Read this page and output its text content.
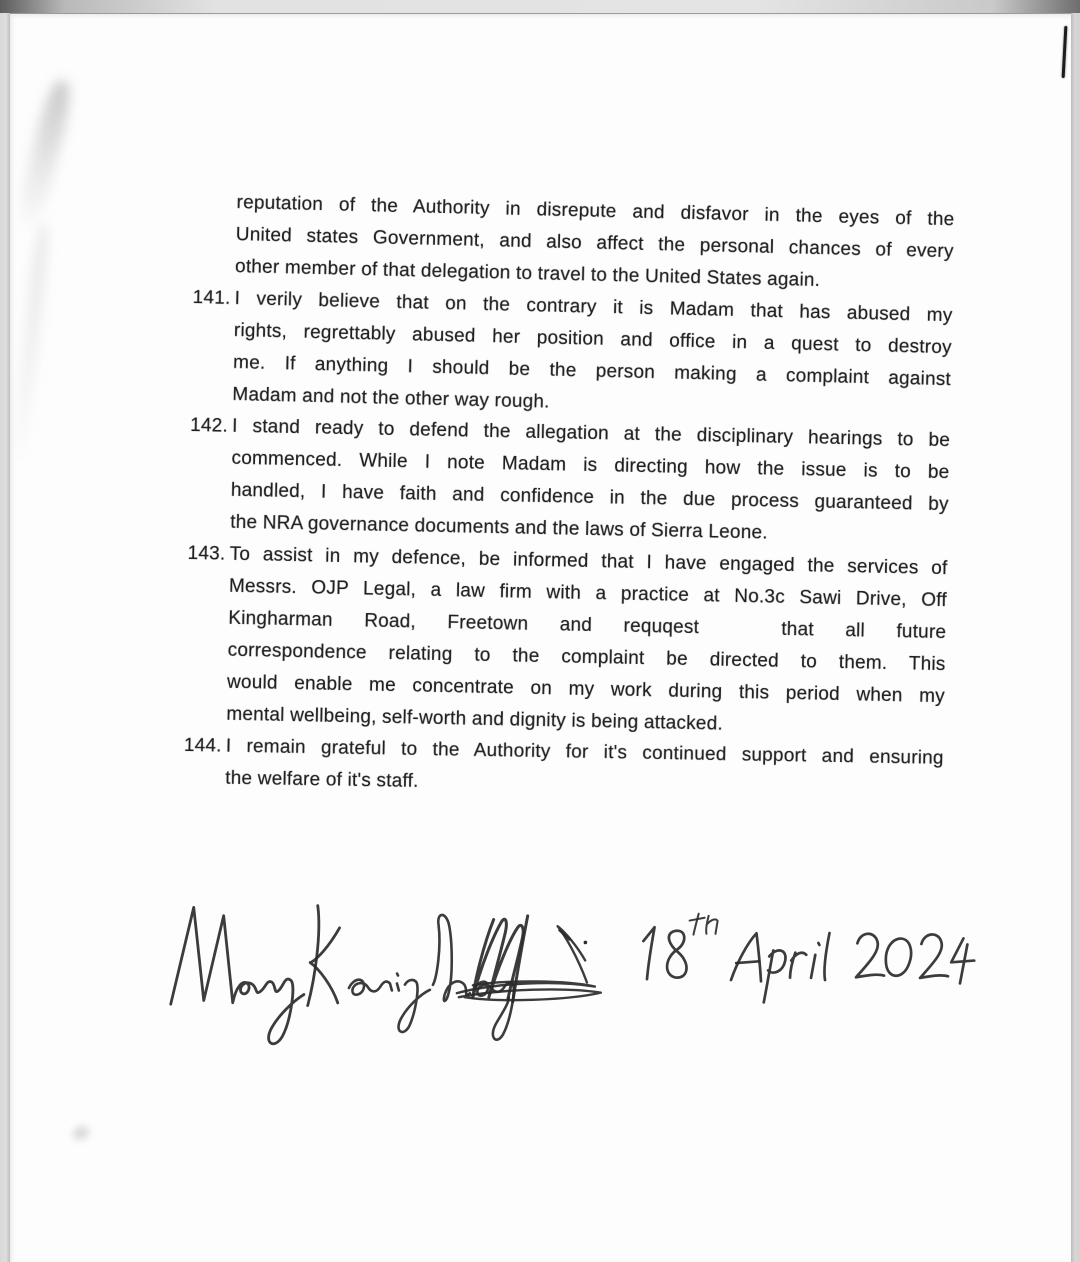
reputation of the Authority in disrepute and disfavor in the eyes of the
United states Government, and also affect the personal chances of every
other member of that delegation to travel to the United States again.
141. I verily believe that on the contrary it is Madam that has abused my
rights, regrettably abused her position and office in a quest to destroy
me. If anything I should be the person making a complaint against
Madam and not the other way rough.
142. I stand ready to defend the allegation at the disciplinary hearings to be
commenced. While I note Madam is directing how the issue is to be
handled, I have faith and confidence in the due process guaranteed by
the NRA governance documents and the laws of Sierra Leone.
143. To assist in my defence, be informed that I have engaged the services of
Messrs. OJP Legal, a law firm with a practice at No.3c Sawi Drive, Off
Kingharman Road, Freetown and requqest   that all future
correspondence relating to the complaint be directed to them. This
would enable me concentrate on my work during this period when my
mental wellbeing, self-worth and dignity is being attacked.
144. I remain grateful to the Authority for it's continued support and ensuring
the welfare of it's staff.
